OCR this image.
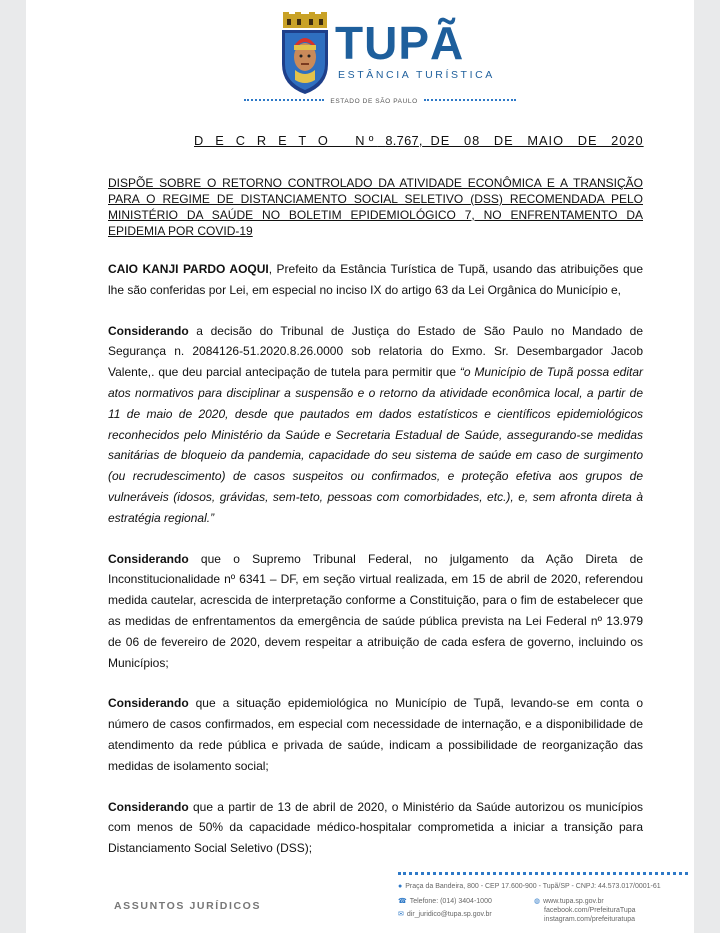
TUPÃ
ESTÂNCIA TURÍSTICA
ESTADO DE SÃO PAULO
D E C R E T O   Nº 8.767, DE   08   DE   MAIO   DE   2020
DISPÕE SOBRE O RETORNO CONTROLADO DA ATIVIDADE ECONÔMICA E A TRANSIÇÃO PARA O REGIME DE DISTANCIAMENTO SOCIAL SELETIVO (DSS) RECOMENDADA PELO MINISTÉRIO DA SAÚDE NO BOLETIM EPIDEMIOLÓGICO 7, NO ENFRENTAMENTO DA EPIDEMIA POR COVID-19

CAIO KANJI PARDO AOQUI, Prefeito da Estância Turística de Tupã, usando das atribuições que lhe são conferidas por Lei, em especial no inciso IX do artigo 63 da Lei Orgânica do Município e,

Considerando a decisão do Tribunal de Justiça do Estado de São Paulo no Mandado de Segurança n. 2084126-51.2020.8.26.0000 sob relatoria do Exmo. Sr. Desembargador Jacob Valente,. que deu parcial antecipação de tutela para permitir que “o Município de Tupã possa editar atos normativos para disciplinar a suspensão e o retorno da atividade econômica local, a partir de 11 de maio de 2020, desde que pautados em dados estatísticos e científicos epidemiológicos reconhecidos pelo Ministério da Saúde e Secretaria Estadual de Saúde, assegurando-se medidas sanitárias de bloqueio da pandemia, capacidade do seu sistema de saúde em caso de surgimento (ou recrudescimento) de casos suspeitos ou confirmados, e proteção efetiva aos grupos de vulneráveis (idosos, grávidas, sem-teto, pessoas com comorbidades, etc.), e, sem afronta direta à estratégia regional.”

Considerando que o Supremo Tribunal Federal, no julgamento da Ação Direta de Inconstitucionalidade nº 6341 – DF, em seção virtual realizada, em 15 de abril de 2020, referendou medida cautelar, acrescida de interpretação conforme a Constituição, para o fim de estabelecer que as medidas de enfrentamentos da emergência de saúde pública prevista na Lei Federal nº 13.979 de 06 de fevereiro de 2020, devem respeitar a atribuição de cada esfera de governo, incluindo os Municípios;

Considerando que a situação epidemiológica no Município de Tupã, levando-se em conta o número de casos confirmados, em especial com necessidade de internação, e a disponibilidade de atendimento da rede pública e privada de saúde, indicam a possibilidade de reorganização das medidas de isolamento social;

Considerando que a partir de 13 de abril de 2020, o Ministério da Saúde autorizou os municípios com menos de 50% da capacidade médico-hospitalar comprometida a iniciar a transição para Distanciamento Social Seletivo (DSS);

ASSUNTOS JURÍDICOS
● Praça da Bandeira, 800 - CEP 17.600-900 - Tupã/SP - CNPJ: 44.573.017/0001-61
☎ Telefone: (014) 3404-1000
✉ dir_juridico@tupa.sp.gov.br
◍ www.tupa.sp.gov.br
facebook.com/PrefeituraTupa
instagram.com/prefeituratupa
